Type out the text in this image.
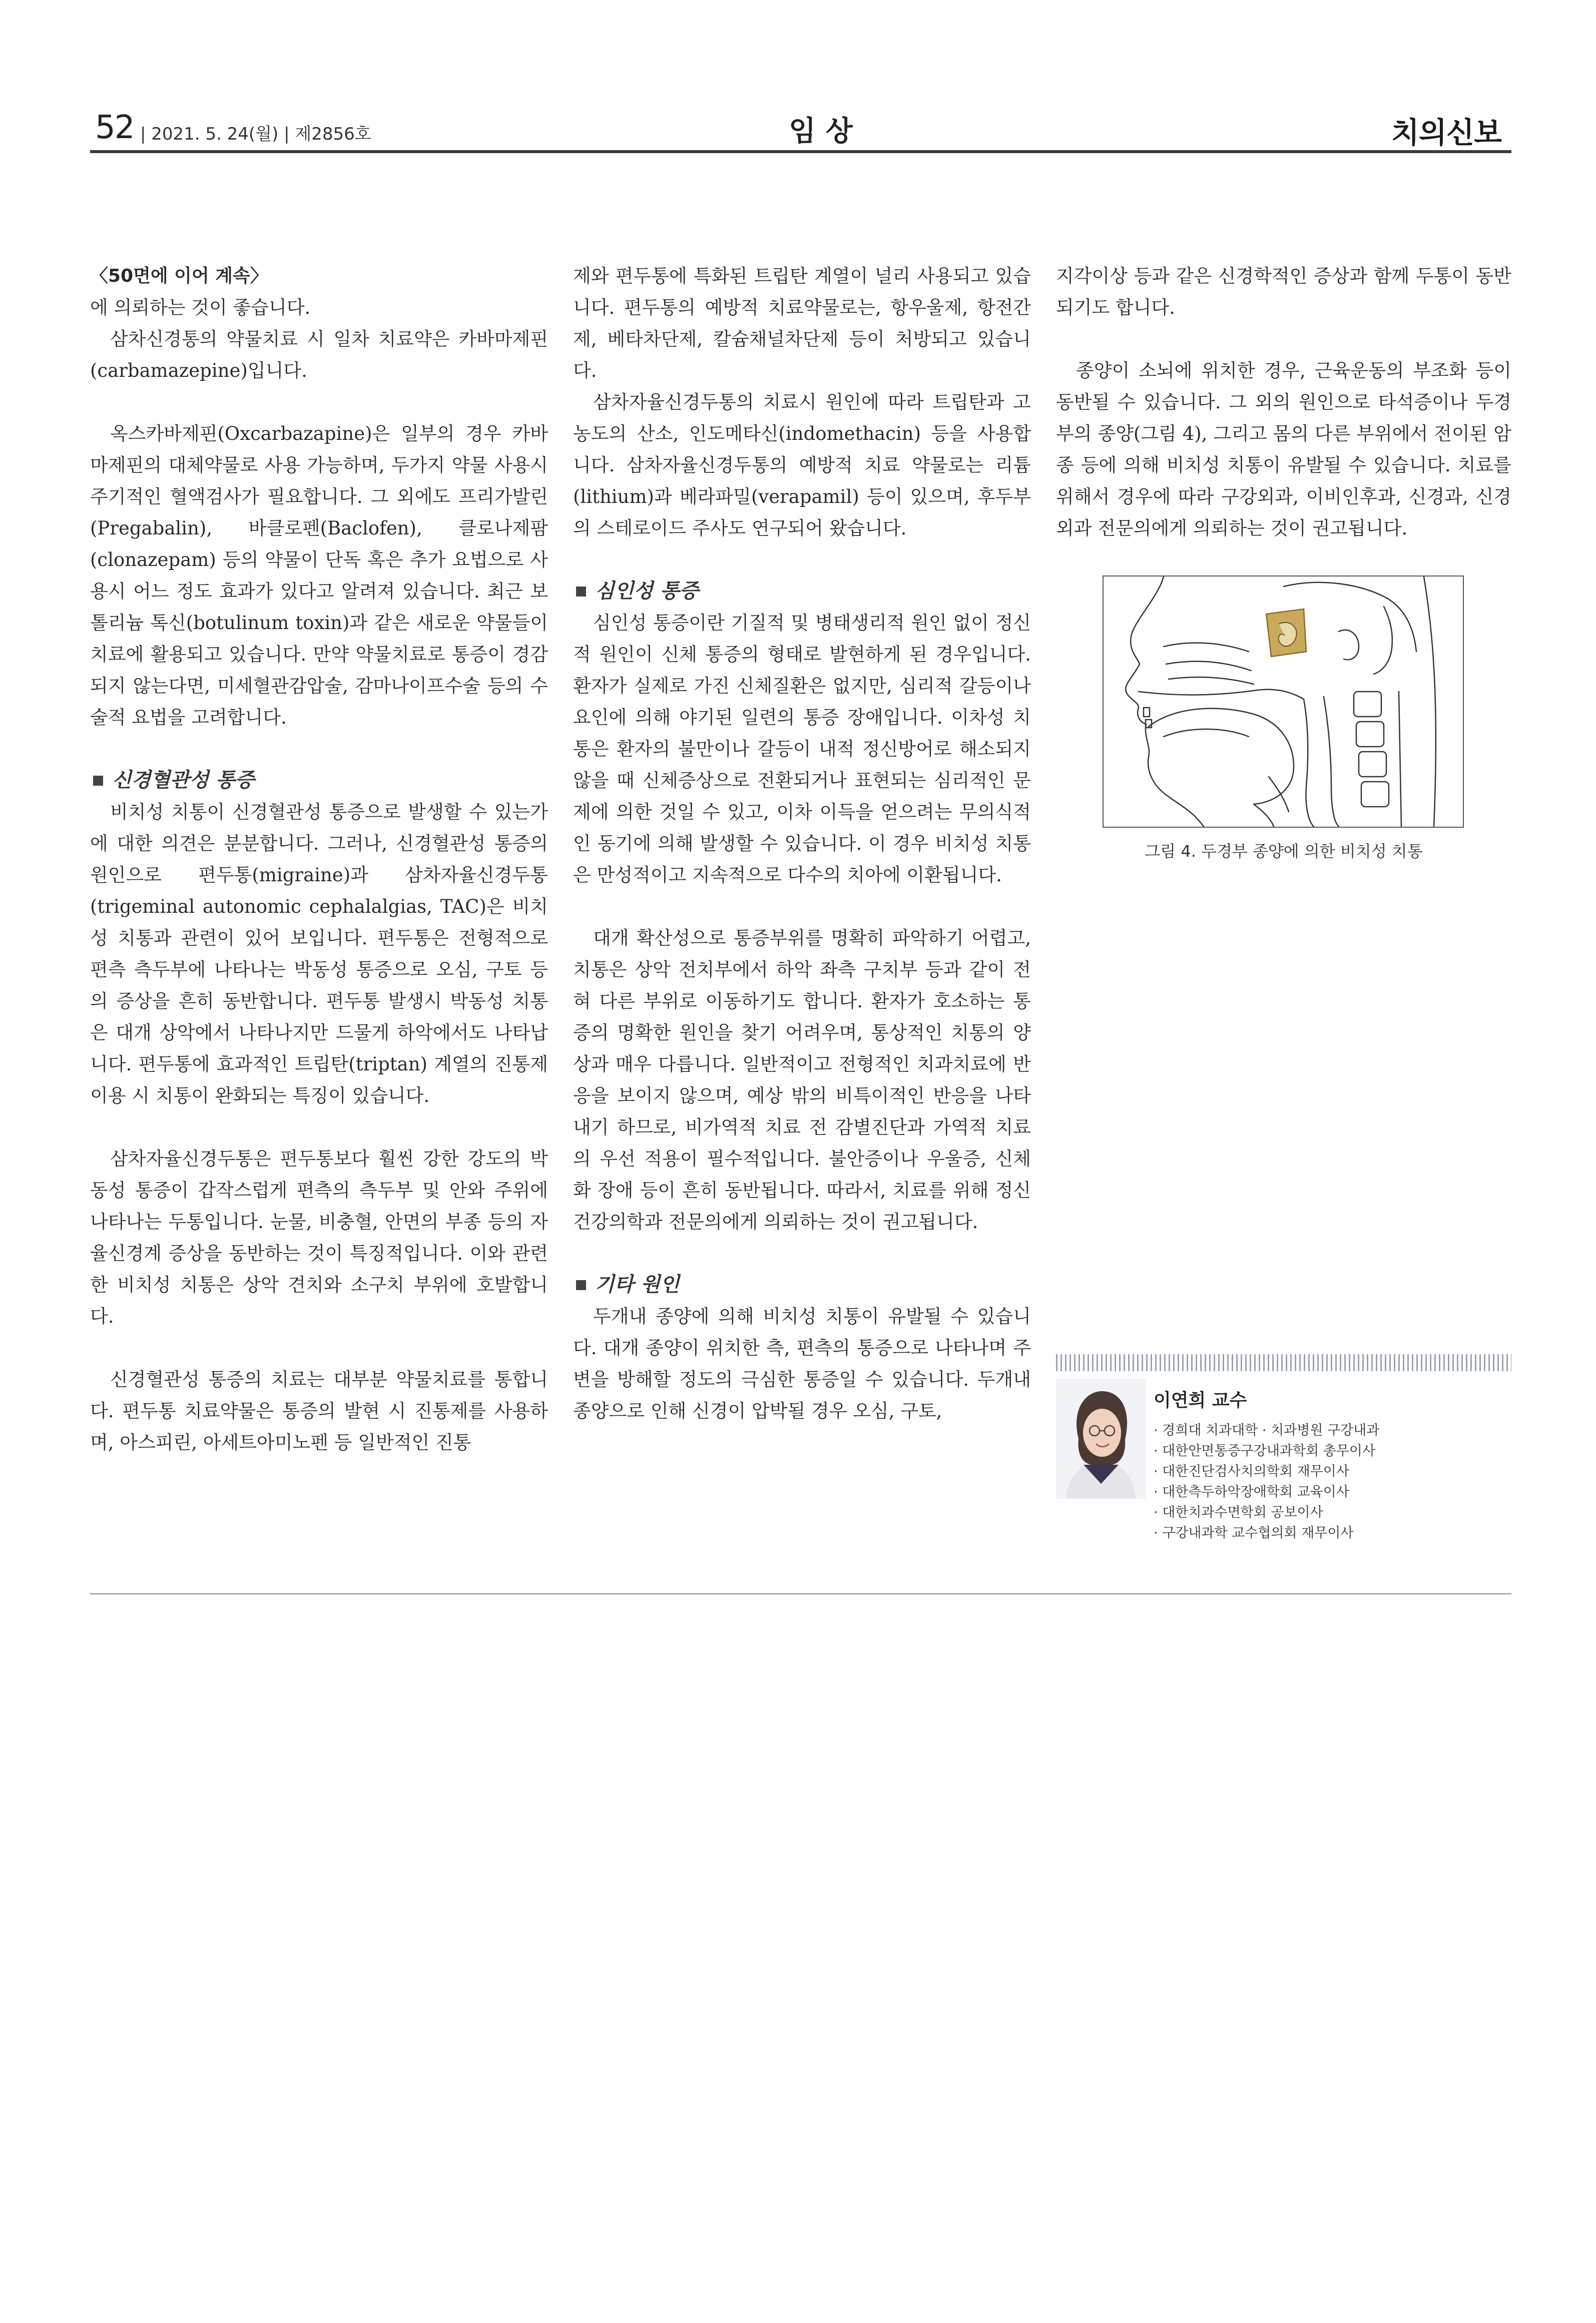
52 | 2021. 5. 24(월) | 제2856호	임 상	치의신보

〈50면에 이어 계속〉

에 의뢰하는 것이 좋습니다.

삼차신경통의 약물치료 시 일차 치료약은 카바마제핀(carbamazepine)입니다.

옥스카바제핀(Oxcarbazapine)은 일부의 경우 카바마제핀의 대체약물로 사용 가능하며, 두가지 약물 사용시 주기적인 혈액검사가 필요합니다. 그 외에도 프리가발린(Pregabalin), 바클로펜(Baclofen), 클로나제팜(clonazepam) 등의 약물이 단독 혹은 추가 요법으로 사용시 어느 정도 효과가 있다고 알려져 있습니다. 최근 보톨리늄 톡신(botulinum toxin)과 같은 새로운 약물들이 치료에 활용되고 있습니다. 만약 약물치료로 통증이 경감되지 않는다면, 미세혈관감압술, 감마나이프수술 등의 수술적 요법을 고려합니다.

신경혈관성 통증

비치성 치통이 신경혈관성 통증으로 발생할 수 있는가에 대한 의견은 분분합니다. 그러나, 신경혈관성 통증의 원인으로 편두통(migraine)과 삼차자율신경두통(trigeminal autonomic cephalalgias, TAC)은 비치성 치통과 관련이 있어 보입니다. 편두통은 전형적으로 편측 측두부에 나타나는 박동성 통증으로 오심, 구토 등의 증상을 흔히 동반합니다. 편두통 발생시 박동성 치통은 대개 상악에서 나타나지만 드물게 하악에서도 나타납니다. 편두통에 효과적인 트립탄(triptan) 계열의 진통제 이용 시 치통이 완화되는 특징이 있습니다.

삼차자율신경두통은 편두통보다 훨씬 강한 강도의 박동성 통증이 갑작스럽게 편측의 측두부 및 안와 주위에 나타나는 두통입니다. 눈물, 비충혈, 안면의 부종 등의 자율신경계 증상을 동반하는 것이 특징적입니다. 이와 관련한 비치성 치통은 상악 견치와 소구치 부위에 호발합니다.

신경혈관성 통증의 치료는 대부분 약물치료를 통합니다. 편두통 치료약물은 통증의 발현 시 진통제를 사용하며, 아스피린, 아세트아미노펜 등 일반적인 진통

제와 편두통에 특화된 트립탄 계열이 널리 사용되고 있습니다. 편두통의 예방적 치료약물로는, 항우울제, 항전간제, 베타차단제, 칼슘채널차단제 등이 처방되고 있습니다.

삼차자율신경두통의 치료시 원인에 따라 트립탄과 고농도의 산소, 인도메타신(indomethacin) 등을 사용합니다. 삼차자율신경두통의 예방적 치료 약물로는 리튬(lithium)과 베라파밀(verapamil) 등이 있으며, 후두부의 스테로이드 주사도 연구되어 왔습니다.

심인성 통증

심인성 통증이란 기질적 및 병태생리적 원인 없이 정신적 원인이 신체 통증의 형태로 발현하게 된 경우입니다. 환자가 실제로 가진 신체질환은 없지만, 심리적 갈등이나 요인에 의해 야기된 일련의 통증 장애입니다. 이차성 치통은 환자의 불만이나 갈등이 내적 정신방어로 해소되지 않을 때 신체증상으로 전환되거나 표현되는 심리적인 문제에 의한 것일 수 있고, 이차 이득을 얻으려는 무의식적인 동기에 의해 발생할 수 있습니다. 이 경우 비치성 치통은 만성적이고 지속적으로 다수의 치아에 이환됩니다.

대개 확산성으로 통증부위를 명확히 파악하기 어렵고, 치통은 상악 전치부에서 하악 좌측 구치부 등과 같이 전혀 다른 부위로 이동하기도 합니다. 환자가 호소하는 통증의 명확한 원인을 찾기 어려우며, 통상적인 치통의 양상과 매우 다릅니다. 일반적이고 전형적인 치과치료에 반응을 보이지 않으며, 예상 밖의 비특이적인 반응을 나타내기 하므로, 비가역적 치료 전 감별진단과 가역적 치료의 우선 적용이 필수적입니다. 불안증이나 우울증, 신체화 장애 등이 흔히 동반됩니다. 따라서, 치료를 위해 정신건강의학과 전문의에게 의뢰하는 것이 권고됩니다.

기타 원인

두개내 종양에 의해 비치성 치통이 유발될 수 있습니다. 대개 종양이 위치한 측, 편측의 통증으로 나타나며 주변을 방해할 정도의 극심한 통증일 수 있습니다. 두개내 종양으로 인해 신경이 압박될 경우 오심, 구토,

지각이상 등과 같은 신경학적인 증상과 함께 두통이 동반되기도 합니다.

종양이 소뇌에 위치한 경우, 근육운동의 부조화 등이 동반될 수 있습니다. 그 외의 원인으로 타석증이나 두경부의 종양(그림 4), 그리고 몸의 다른 부위에서 전이된 암종 등에 의해 비치성 치통이 유발될 수 있습니다. 치료를 위해서 경우에 따라 구강외과, 이비인후과, 신경과, 신경외과 전문의에게 의뢰하는 것이 권고됩니다.

그림 4. 두경부 종양에 의한 비치성 치통
이연희 교수
· 경희대 치과대학 · 치과병원 구강내과
· 대한안면통증구강내과학회 총무이사
· 대한진단검사치의학회 재무이사
· 대한측두하악장애학회 교육이사
· 대한치과수면학회 공보이사
· 구강내과학 교수협의회 재무이사
